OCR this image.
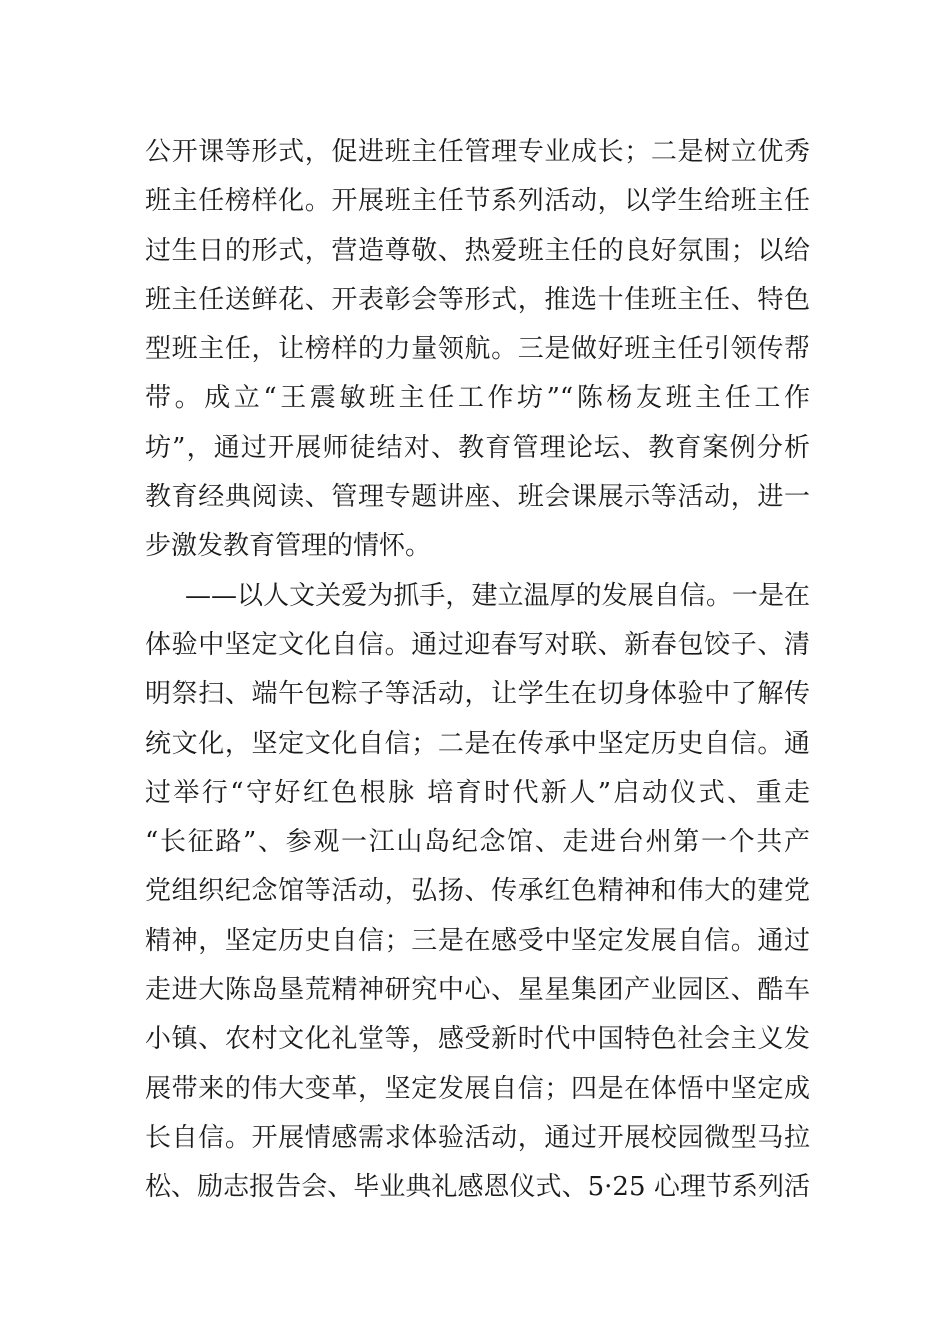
公开课等形式，促进班主任管理专业成长；二是树立优秀
班主任榜样化。开展班主任节系列活动，以学生给班主任
过生日的形式，营造尊敬、热爱班主任的良好氛围；以给
班主任送鲜花、开表彰会等形式，推选十佳班主任、特色
型班主任，让榜样的力量领航。三是做好班主任引领传帮
带。成立“王震敏班主任工作坊”“陈杨友班主任工作
坊”，通过开展师徒结对、教育管理论坛、教育案例分析
教育经典阅读、管理专题讲座、班会课展示等活动，进一
步激发教育管理的情怀。
——以人文关爱为抓手，建立温厚的发展自信。一是在
体验中坚定文化自信。通过迎春写对联、新春包饺子、清
明祭扫、端午包粽子等活动，让学生在切身体验中了解传
统文化，坚定文化自信；二是在传承中坚定历史自信。通
过举行“守好红色根脉 培育时代新人”启动仪式、重走
“长征路”、参观一江山岛纪念馆、走进台州第一个共产
党组织纪念馆等活动，弘扬、传承红色精神和伟大的建党
精神，坚定历史自信；三是在感受中坚定发展自信。通过
走进大陈岛垦荒精神研究中心、星星集团产业园区、酷车
小镇、农村文化礼堂等，感受新时代中国特色社会主义发
展带来的伟大变革，坚定发展自信；四是在体悟中坚定成
长自信。开展情感需求体验活动，通过开展校园微型马拉
松、励志报告会、毕业典礼感恩仪式、5·25 心理节系列活
